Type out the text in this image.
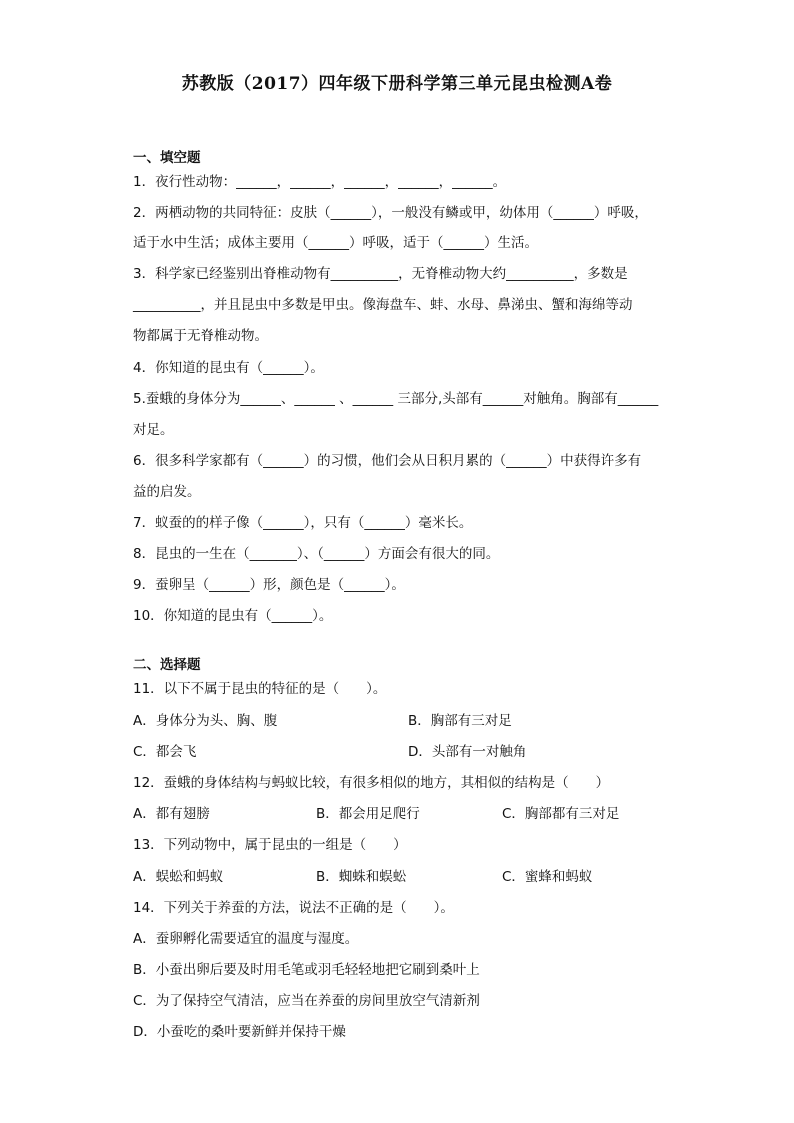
苏教版（2017）四年级下册科学第三单元昆虫检测A卷
一、填空题
1．夜行性动物：______，______，______，______，______。
2．两栖动物的共同特征：皮肤（______），一般没有鳞或甲，幼体用（______）呼吸，
适于水中生活；成体主要用（______）呼吸，适于（______）生活。
3．科学家已经鉴别出脊椎动物有__________，无脊椎动物大约__________，多数是
__________，并且昆虫中多数是甲虫。像海盘车、蚌、水母、鼻涕虫、蟹和海绵等动
物都属于无脊椎动物。
4．你知道的昆虫有（______）。
5.蚕蛾的身体分为______、______ 、______ 三部分,头部有______对触角。胸部有______
对足。
6．很多科学家都有（______）的习惯，他们会从日积月累的（______）中获得许多有
益的启发。
7．蚁蚕的的样子像（______），只有（______）毫米长。
8．昆虫的一生在（_______）、（______）方面会有很大的同。
9．蚕卵呈（______）形，颜色是（______）。
10．你知道的昆虫有（______）。
二、选择题
11．以下不属于昆虫的特征的是（　　）。
A．身体分为头、胸、腹	B．胸部有三对足
C．都会飞	D．头部有一对触角
12．蚕蛾的身体结构与蚂蚁比较，有很多相似的地方，其相似的结构是（　　）
A．都有翅膀	B．都会用足爬行	C．胸部都有三对足
13．下列动物中，属于昆虫的一组是（　　）
A．蜈蚣和蚂蚁	B．蜘蛛和蜈蚣	C．蜜蜂和蚂蚁
14．下列关于养蚕的方法，说法不正确的是（　　）。
A．蚕卵孵化需要适宜的温度与湿度。
B．小蚕出卵后要及时用毛笔或羽毛轻轻地把它刷到桑叶上
C．为了保持空气清洁，应当在养蚕的房间里放空气清新剂
D．小蚕吃的桑叶要新鲜并保持干燥
